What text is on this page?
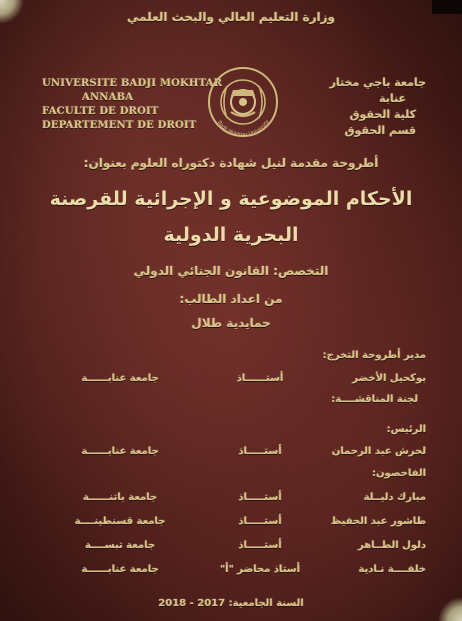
وزارة التعليم العالي والبحث العلمي
UNIVERSITE BADJI MOKHTAR
ANNABA
FACULTE DE DROIT
DEPARTEMENT DE DROIT
جامعة باجي مختار
عنابة
كلية الحقوق
قسم الحقوق
Badji Mokhtar University
أطروحة مقدمة لنيل شهادة دكتوراه العلوم بعنوان:
الأحكام الموضوعية و الإجرائية للقرصنة
البحرية الدولية
التخصص: القانون الجنائي الدولي
من اعداد الطالب:
حمايدية طلال
مدير أطروحة التخرج:
بوكحيل الأخضر
أستــــــاذ
جامعة عنابــــــة
لجنة المناقشــــة:
الرئيس:
لحرش عبد الرحمان
أستـــــاذ
جامعة عنابــــــة
الفاحصون:
مبارك دليــلة
أستـــــاذ
جامعة باتنــــــة
طاشور عبد الحفيظ
أستـــــاذ
جامعة قسنطينــــة
دلول الطــاهر
أستـــــاذ
جامعة تبســــة
خلفــــة نـادية
أستاذ محاضر "أ"
جامعة عنابــــــة
السنة الجامعية: 2017 - 2018
